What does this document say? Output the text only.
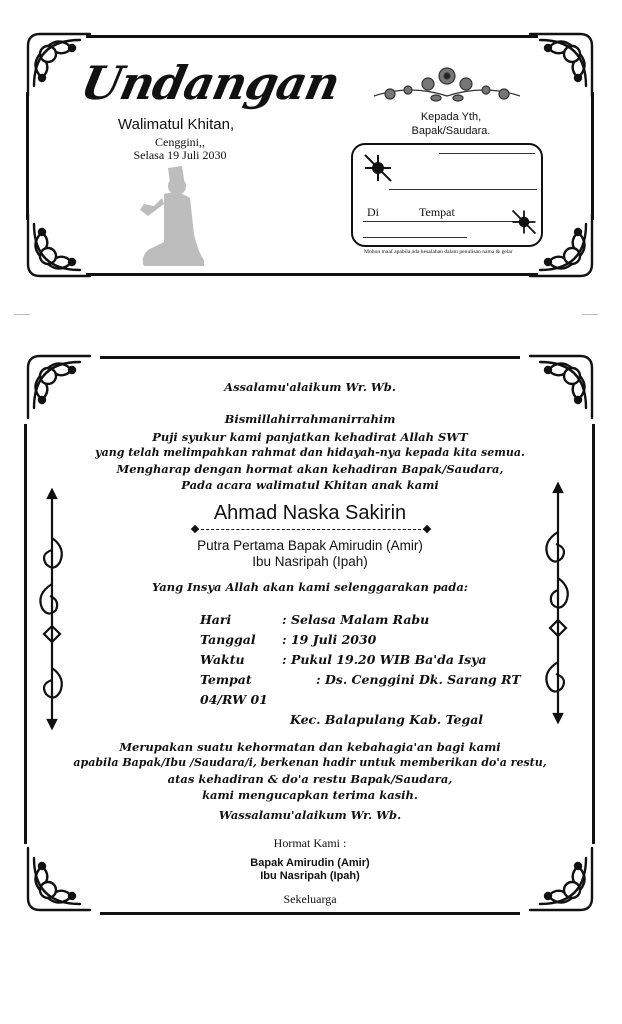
Undangan
Walimatul Khitan,
Cenggini,,
Selasa 19 Juli 2030
Kepada Yth,
Bapak/Saudara.
Di	Tempat
Mohon maaf apabila ada kesalahan dalam penulisan nama & gelar
Assalamu'alaikum Wr. Wb.
Bismillahirrahmanirrahim
Puji syukur kami panjatkan kehadirat Allah SWT
yang telah melimpahkan rahmat dan hidayah-nya kepada kita semua.
Mengharap dengan hormat akan kehadiran Bapak/Saudara,
Pada acara walimatul Khitan anak kami
Ahmad Naska Sakirin
Putra Pertama Bapak Amirudin (Amir)
Ibu Nasripah (Ipah)
Yang Insya Allah akan kami selenggarakan pada:
Hari	: Selasa Malam Rabu
Tanggal : 19 Juli 2030
Waktu	: Pukul 19.20 WIB Ba'da Isya
Tempat	: Ds. Cenggini Dk. Sarang RT
04/RW 01
Kec. Balapulang Kab. Tegal
Merupakan suatu kehormatan dan kebahagia'an bagi kami
apabila Bapak/Ibu /Saudara/i, berkenan hadir untuk memberikan do'a restu,
atas kehadiran & do'a restu Bapak/Saudara,
kami mengucapkan terima kasih.
Wassalamu'alaikum Wr. Wb.
Hormat Kami :
Bapak Amirudin (Amir)
Ibu Nasripah (Ipah)
Sekeluarga
